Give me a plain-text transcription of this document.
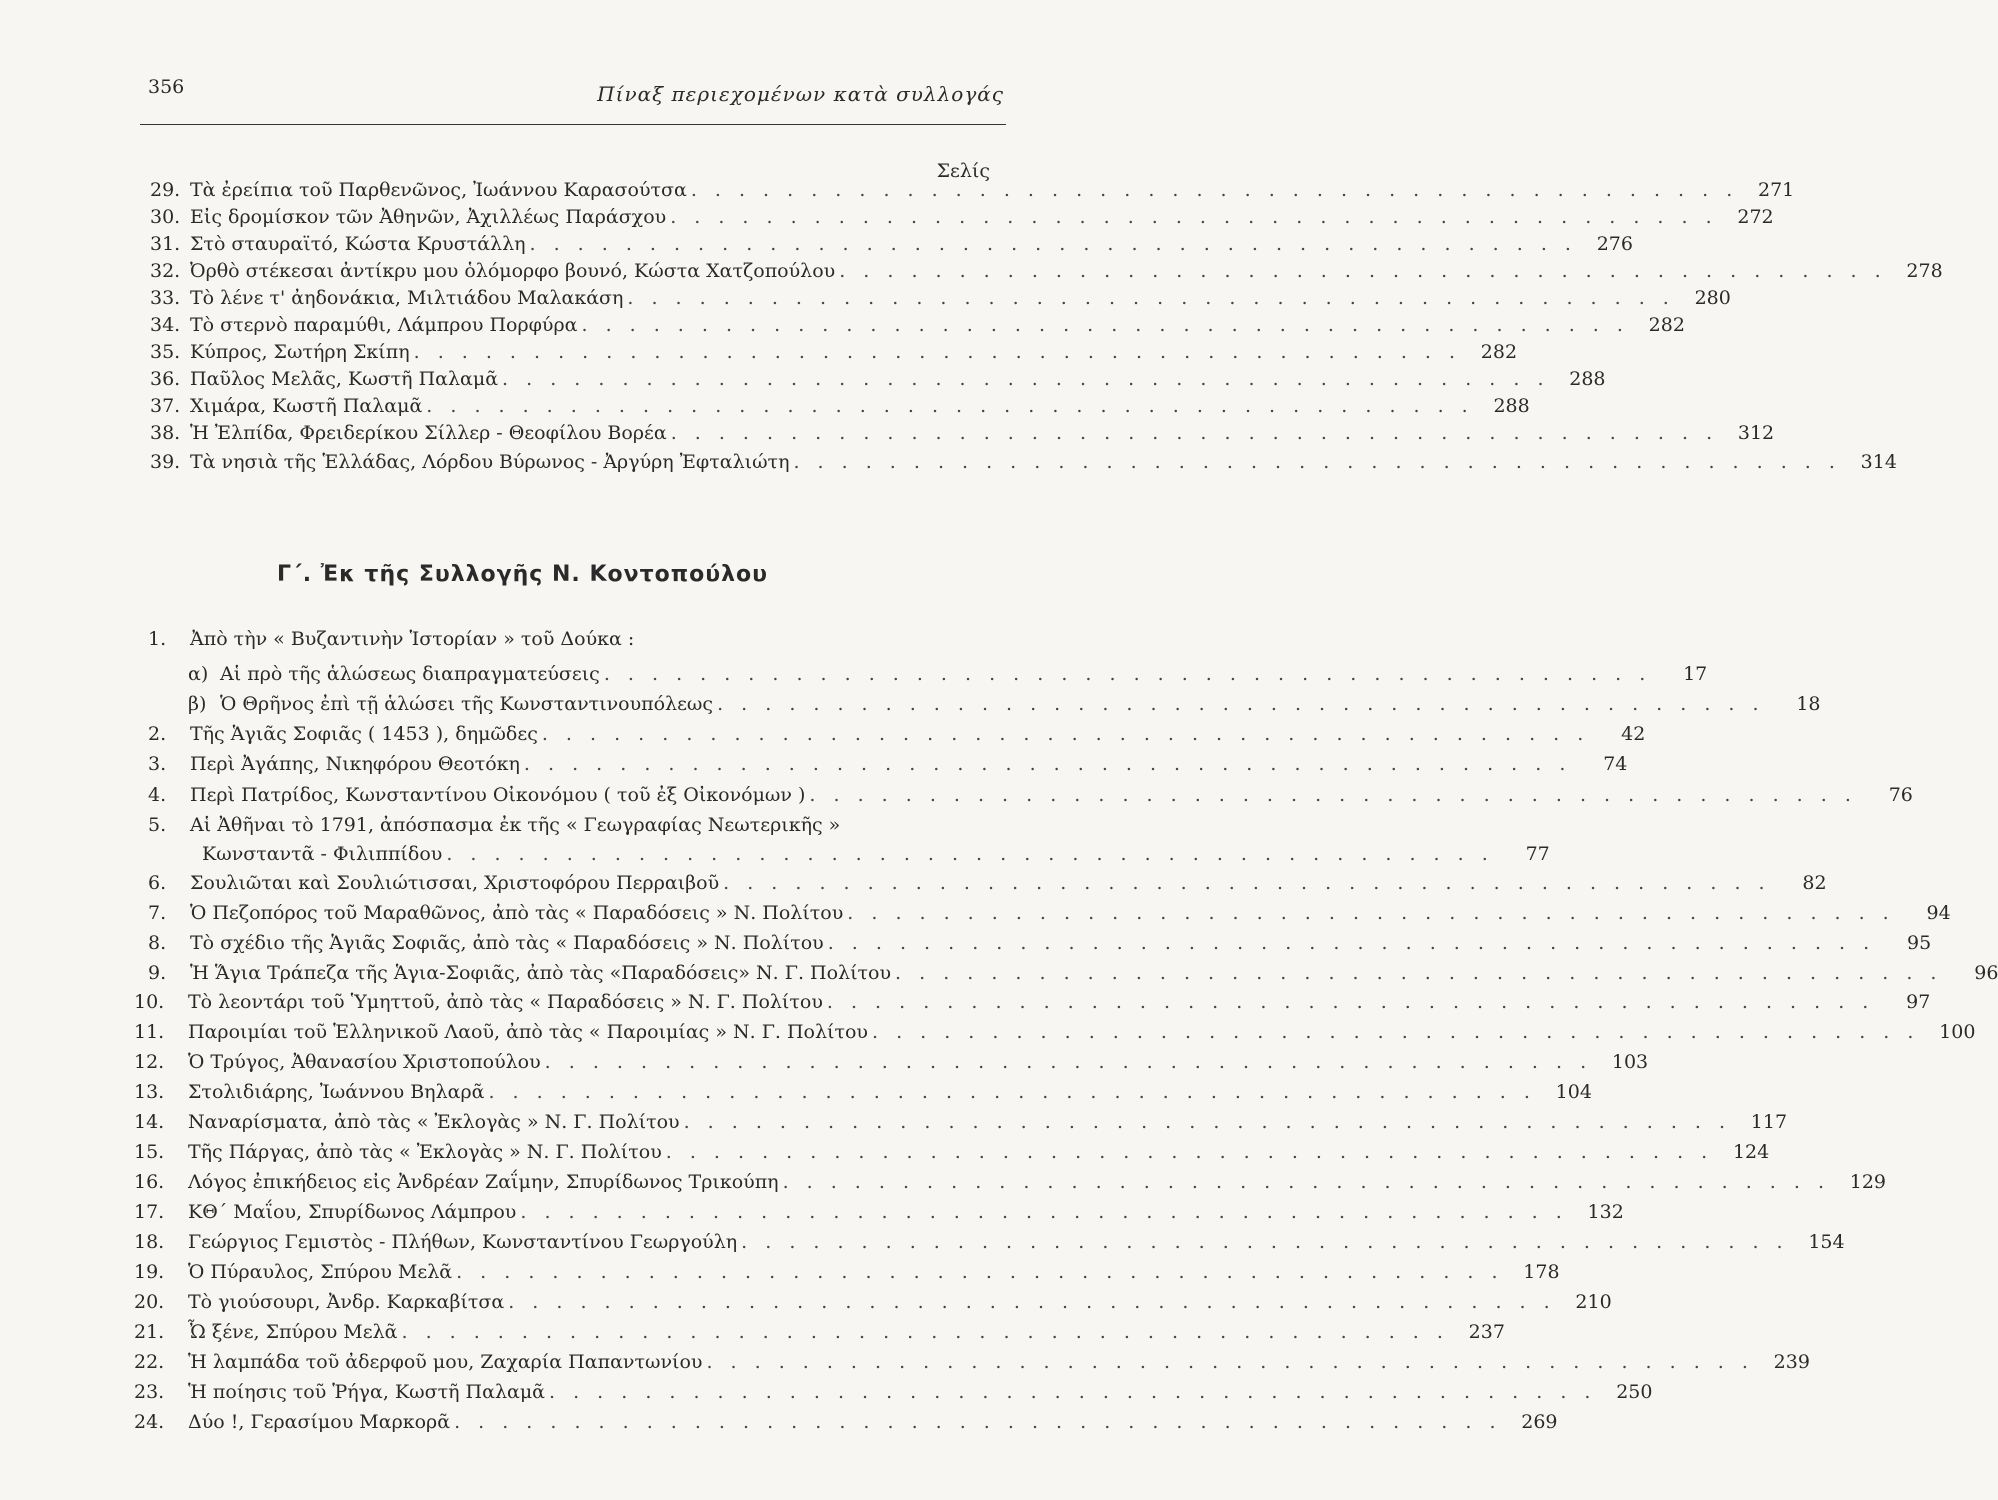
356	Πίναξ περιεχομένων κατὰ συλλογάς
Σελίς
29. Τὰ ἐρείπια τοῦ Παρθενῶνος, Ἰωάννου Καρασούτσα . . . . . . . . . . . . . . . . . . . . . . . . . . . . . . . . . . . . . . . . . . . .	271
30. Εἰς δρομίσκον τῶν Ἀθηνῶν, Ἀχιλλέως Παράσχου . . . . . . . . . . . . . . . . . . . . . . . . . . . . . . . . . . . . . . . . . . . .	272
31. Στὸ σταυραϊτό, Κώστα Κρυστάλλη . . . . . . . . . . . . . . . . . . . . . . . . . . . . . . . . . . . . . . . . . . . .	276
32. Ὀρθὸ στέκεσαι ἀντίκρυ μου ὁλόμορφο βουνό, Κώστα Χατζοπούλου . . . . . . . . . . . . . . . . . . . . . . . . . . . . . . . . . . . . . . . . . . . .	278
33. Τὸ λένε τ' ἀηδονάκια, Μιλτιάδου Μαλακάση . . . . . . . . . . . . . . . . . . . . . . . . . . . . . . . . . . . . . . . . . . . .	280
34. Τὸ στερνὸ παραμύθι, Λάμπρου Πορφύρα . . . . . . . . . . . . . . . . . . . . . . . . . . . . . . . . . . . . . . . . . . . .	282
35. Κύπρος, Σωτήρη Σκίπη . . . . . . . . . . . . . . . . . . . . . . . . . . . . . . . . . . . . . . . . . . . .	282
36. Παῦλος Μελᾶς, Κωστῆ Παλαμᾶ . . . . . . . . . . . . . . . . . . . . . . . . . . . . . . . . . . . . . . . . . . . .	288
37. Χιμάρα, Κωστῆ Παλαμᾶ . . . . . . . . . . . . . . . . . . . . . . . . . . . . . . . . . . . . . . . . . . . .	288
38. Ἡ Ἐλπίδα, Φρειδερίκου Σίλλερ - Θεοφίλου Βορέα . . . . . . . . . . . . . . . . . . . . . . . . . . . . . . . . . . . . . . . . . . . .	312
39. Τὰ νησιὰ τῆς Ἑλλάδας, Λόρδου Βύρωνος - Ἀργύρη Ἐφταλιώτη . . . . . . . . . . . . . . . . . . . . . . . . . . . . . . . . . . . . . . . . . . . .	314
1.	Ἀπὸ τὴν « Βυζαντινὴν Ἱστορίαν » τοῦ Δούκα :
α) Αἱ πρὸ τῆς ἁλώσεως διαπραγματεύσεις . . . . . . . . . . . . . . . . . . . . . . . . . . . . . . . . . . . . . . . . . . . .	17
β) Ὁ Θρῆνος ἐπὶ τῇ ἁλώσει τῆς Κωνσταντινουπόλεως . . . . . . . . . . . . . . . . . . . . . . . . . . . . . . . . . . . . . . . . . . . .	18
2.	Τῆς Ἁγιᾶς Σοφιᾶς ( 1453 ), δημῶδες . . . . . . . . . . . . . . . . . . . . . . . . . . . . . . . . . . . . . . . . . . . .	42
3.	Περὶ Ἀγάπης, Νικηφόρου Θεοτόκη . . . . . . . . . . . . . . . . . . . . . . . . . . . . . . . . . . . . . . . . . . . .	74
4.	Περὶ Πατρίδος, Κωνσταντίνου Οἰκονόμου ( τοῦ ἐξ Οἰκονόμων ) . . . . . . . . . . . . . . . . . . . . . . . . . . . . . . . . . . . . . . . . . . . .	76
5.	Αἱ Ἀθῆναι τὸ 1791, ἀπόσπασμα ἐκ τῆς « Γεωγραφίας Νεωτερικῆς »
Κωνσταντᾶ - Φιλιππίδου . . . . . . . . . . . . . . . . . . . . . . . . . . . . . . . . . . . . . . . . . . . .	77
6.	Σουλιῶται καὶ Σουλιώτισσαι, Χριστοφόρου Περραιβοῦ . . . . . . . . . . . . . . . . . . . . . . . . . . . . . . . . . . . . . . . . . . . .	82
7.	Ὁ Πεζοπόρος τοῦ Μαραθῶνος, ἀπὸ τὰς « Παραδόσεις » Ν. Πολίτου . . . . . . . . . . . . . . . . . . . . . . . . . . . . . . . . . . . . . . . . . . . .	94
8.	Τὸ σχέδιο τῆς Ἁγιᾶς Σοφιᾶς, ἀπὸ τὰς « Παραδόσεις » Ν. Πολίτου . . . . . . . . . . . . . . . . . . . . . . . . . . . . . . . . . . . . . . . . . . . .	95
9.	Ἡ Ἅγια Τράπεζα τῆς Ἁγια-Σοφιᾶς, ἀπὸ τὰς «Παραδόσεις» Ν. Γ. Πολίτου . . . . . . . . . . . . . . . . . . . . . . . . . . . . . . . . . . . . . . . . . . . .	96
10.	Τὸ λεοντάρι τοῦ Ὑμηττοῦ, ἀπὸ τὰς « Παραδόσεις » Ν. Γ. Πολίτου . . . . . . . . . . . . . . . . . . . . . . . . . . . . . . . . . . . . . . . . . . . .	97
11.	Παροιμίαι τοῦ Ἑλληνικοῦ Λαοῦ, ἀπὸ τὰς « Παροιμίας » Ν. Γ. Πολίτου . . . . . . . . . . . . . . . . . . . . . . . . . . . . . . . . . . . . . . . . . . . .	100
12.	Ὁ Τρύγος, Ἀθανασίου Χριστοπούλου . . . . . . . . . . . . . . . . . . . . . . . . . . . . . . . . . . . . . . . . . . . .	103
13.	Στολιδιάρης, Ἰωάννου Βηλαρᾶ . . . . . . . . . . . . . . . . . . . . . . . . . . . . . . . . . . . . . . . . . . . .	104
14.	Ναναρίσματα, ἀπὸ τὰς « Ἐκλογὰς » Ν. Γ. Πολίτου . . . . . . . . . . . . . . . . . . . . . . . . . . . . . . . . . . . . . . . . . . . .	117
15.	Τῆς Πάργας, ἀπὸ τὰς « Ἐκλογὰς » Ν. Γ. Πολίτου . . . . . . . . . . . . . . . . . . . . . . . . . . . . . . . . . . . . . . . . . . . .	124
16.	Λόγος ἐπικήδειος εἰς Ἀνδρέαν Ζαΐμην, Σπυρίδωνος Τρικούπη . . . . . . . . . . . . . . . . . . . . . . . . . . . . . . . . . . . . . . . . . . . .	129
17.	ΚΘ΄ Μαΐου, Σπυρίδωνος Λάμπρου . . . . . . . . . . . . . . . . . . . . . . . . . . . . . . . . . . . . . . . . . . . .	132
18.	Γεώργιος Γεμιστὸς - Πλήθων, Κωνσταντίνου Γεωργούλη . . . . . . . . . . . . . . . . . . . . . . . . . . . . . . . . . . . . . . . . . . . .	154
19.	Ὁ Πύραυλος, Σπύρου Μελᾶ . . . . . . . . . . . . . . . . . . . . . . . . . . . . . . . . . . . . . . . . . . . .	178
20.	Τὸ γιούσουρι, Ἀνδρ. Καρκαβίτσα . . . . . . . . . . . . . . . . . . . . . . . . . . . . . . . . . . . . . . . . . . . .	210
21.	Ὦ ξένε, Σπύρου Μελᾶ . . . . . . . . . . . . . . . . . . . . . . . . . . . . . . . . . . . . . . . . . . . .	237
22.	Ἡ λαμπάδα τοῦ ἀδερφοῦ μου, Ζαχαρία Παπαντωνίου . . . . . . . . . . . . . . . . . . . . . . . . . . . . . . . . . . . . . . . . . . . .	239
23.	Ἡ ποίησις τοῦ Ῥήγα, Κωστῆ Παλαμᾶ . . . . . . . . . . . . . . . . . . . . . . . . . . . . . . . . . . . . . . . . . . . .	250
24.	Δύο !, Γερασίμου Μαρκορᾶ . . . . . . . . . . . . . . . . . . . . . . . . . . . . . . . . . . . . . . . . . . . .	269
Γ΄. Ἐκ τῆς Συλλογῆς Ν. Κοντοπούλου
